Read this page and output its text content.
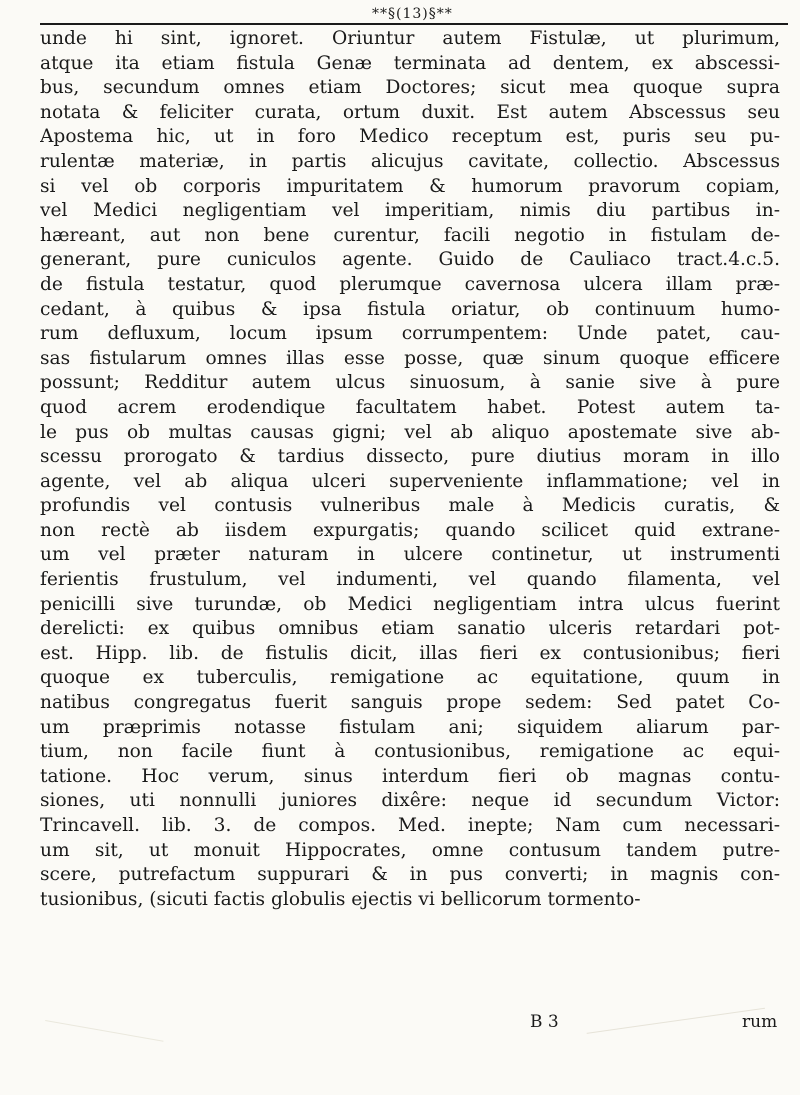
**§(13)§**
unde hi sint, ignoret. Oriuntur autem Fistulæ, ut plurimum,
atque ita etiam fistula Genæ terminata ad dentem, ex abscessi-
bus, secundum omnes etiam Doctores; sicut mea quoque supra
notata & feliciter curata, ortum duxit. Est autem Abscessus seu
Apostema hic, ut in foro Medico receptum est, puris seu pu-
rulentæ materiæ, in partis alicujus cavitate, collectio. Abscessus
si vel ob corporis impuritatem & humorum pravorum copiam,
vel Medici negligentiam vel imperitiam, nimis diu partibus in-
hæreant, aut non bene curentur, facili negotio in fistulam de-
generant, pure cuniculos agente. Guido de Cauliaco tract.4.c.5.
de fistula testatur, quod plerumque cavernosa ulcera illam præ-
cedant, à quibus & ipsa fistula oriatur, ob continuum humo-
rum defluxum, locum ipsum corrumpentem: Unde patet, cau-
sas fistularum omnes illas esse posse, quæ sinum quoque efficere
possunt; Redditur autem ulcus sinuosum, à sanie sive à pure
quod acrem erodendique facultatem habet. Potest autem ta-
le pus ob multas causas gigni; vel ab aliquo apostemate sive ab-
scessu prorogato & tardius dissecto, pure diutius moram in illo
agente, vel ab aliqua ulceri superveniente inflammatione; vel in
profundis vel contusis vulneribus male à Medicis curatis, &
non rectè ab iisdem expurgatis; quando scilicet quid extrane-
um vel præter naturam in ulcere continetur, ut instrumenti
ferientis frustulum, vel indumenti, vel quando filamenta, vel
penicilli sive turundæ, ob Medici negligentiam intra ulcus fuerint
derelicti: ex quibus omnibus etiam sanatio ulceris retardari pot-
est. Hipp. lib. de fistulis dicit, illas fieri ex contusionibus; fieri
quoque ex tuberculis, remigatione ac equitatione, quum in
natibus congregatus fuerit sanguis prope sedem: Sed patet Co-
um præprimis notasse fistulam ani; siquidem aliarum par-
tium, non facile fiunt à contusionibus, remigatione ac equi-
tatione. Hoc verum, sinus interdum fieri ob magnas contu-
siones, uti nonnulli juniores dixêre: neque id secundum Victor:
Trincavell. lib. 3. de compos. Med. inepte; Nam cum necessari-
um sit, ut monuit Hippocrates, omne contusum tandem putre-
scere, putrefactum suppurari & in pus converti; in magnis con-
tusionibus, (sicuti factis globulis ejectis vi bellicorum tormento-
B 3	rum
